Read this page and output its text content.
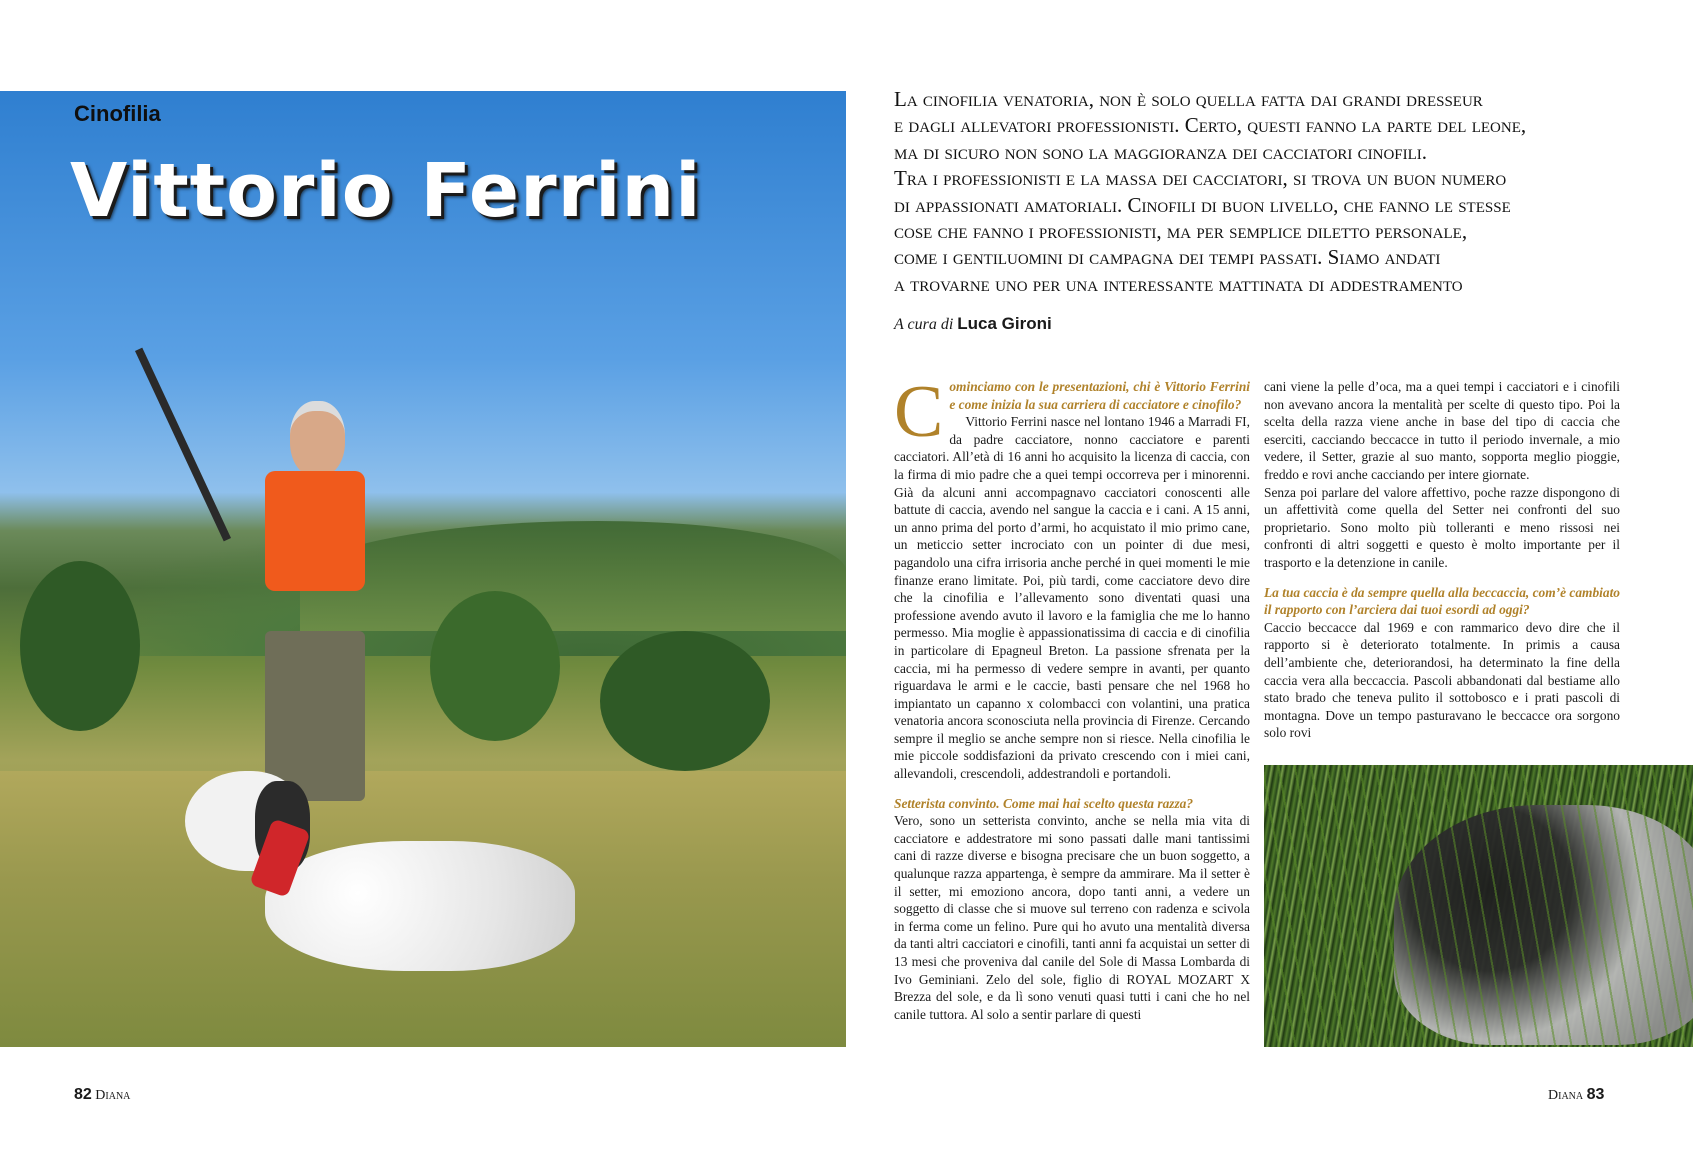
Cinofilia
Vittorio Ferrini
La cinofilia venatoria, non è solo quella fatta dai grandi dresseur
e dagli allevatori professionisti. Certo, questi fanno la parte del leone,
ma di sicuro non sono la maggioranza dei cacciatori cinofili.
Tra i professionisti e la massa dei cacciatori, si trova un buon numero
di appassionati amatoriali. Cinofili di buon livello, che fanno le stesse
cose che fanno i professionisti, ma per semplice diletto personale,
come i gentiluomini di campagna dei tempi passati. Siamo andati
a trovarne uno per una interessante mattinata di addestramento
A cura di Luca Gironi
C ominciamo con le presentazioni, chi è Vittorio Ferrini e come inizia la sua carriera di cacciatore e cinofilo?
Vittorio Ferrini nasce nel lontano 1946 a Marradi FI, da padre cacciatore, nonno cacciatore e parenti cacciatori. All’età di 16 anni ho acquisito la licenza di caccia, con la firma di mio padre che a quei tempi occorreva per i minorenni. Già da alcuni anni accompagnavo cacciatori conoscenti alle battute di caccia, avendo nel sangue la caccia e i cani. A 15 anni, un anno prima del porto d’armi, ho acquistato il mio primo cane, un meticcio setter incrociato con un pointer di due mesi, pagandolo una cifra irrisoria anche perché in quei momenti le mie finanze erano limitate. Poi, più tardi, come cacciatore devo dire che la cinofilia e l’allevamento sono diventati quasi una professione avendo avuto il lavoro e la famiglia che me lo hanno permesso. Mia moglie è appassionatissima di caccia e di cinofilia in particolare di Epagneul Breton. La passione sfrenata per la caccia, mi ha permesso di vedere sempre in avanti, per quanto riguardava le armi e le caccie, basti pensare che nel 1968 ho impiantato un capanno x colombacci con volantini, una pratica venatoria ancora sconosciuta nella provincia di Firenze. Cercando sempre il meglio se anche sempre non si riesce. Nella cinofilia le mie piccole soddisfazioni da privato crescendo con i miei cani, allevandoli, crescendoli, addestrandoli e portandoli.
Setterista convinto. Come mai hai scelto questa razza?
Vero, sono un setterista convinto, anche se nella mia vita di cacciatore e addestratore mi sono passati dalle mani tantissimi cani di razze diverse e bisogna precisare che un buon soggetto, a qualunque razza appartenga, è sempre da ammirare. Ma il setter è il setter, mi emoziono ancora, dopo tanti anni, a vedere un soggetto di classe che si muove sul terreno con radenza e scivola in ferma come un felino. Pure qui ho avuto una mentalità diversa da tanti altri cacciatori e cinofili, tanti anni fa acquistai un setter di 13 mesi che proveniva dal canile del Sole di Massa Lombarda di Ivo Geminiani. Zelo del sole, figlio di ROYAL MOZART X Brezza del sole, e da lì sono venuti quasi tutti i cani che ho nel canile tuttora. Al solo a sentir parlare di questi
cani viene la pelle d’oca, ma a quei tempi i cacciatori e i cinofili non avevano ancora la mentalità per scelte di questo tipo. Poi la scelta della razza viene anche in base del tipo di caccia che eserciti, cacciando beccacce in tutto il periodo invernale, a mio vedere, il Setter, grazie al suo manto, sopporta meglio pioggie, freddo e rovi anche cacciando per intere giornate.
Senza poi parlare del valore affettivo, poche razze dispongono di un affettività come quella del Setter nei confronti del suo proprietario. Sono molto più tolleranti e meno rissosi nei confronti di altri soggetti e questo è molto importante per il trasporto e la detenzione in canile.
La tua caccia è da sempre quella alla beccaccia, com’è cambiato il rapporto con l’arciera dai tuoi esordi ad oggi?
Caccio beccacce dal 1969 e con rammarico devo dire che il rapporto si è deteriorato totalmente. In primis a causa dell’ambiente che, deteriorandosi, ha determinato la fine della caccia vera alla beccaccia. Pascoli abbandonati dal bestiame allo stato brado che teneva pulito il sottobosco e i prati pascoli di montagna. Dove un tempo pasturavano le beccacce ora sorgono solo rovi
82 Diana	Diana 83
